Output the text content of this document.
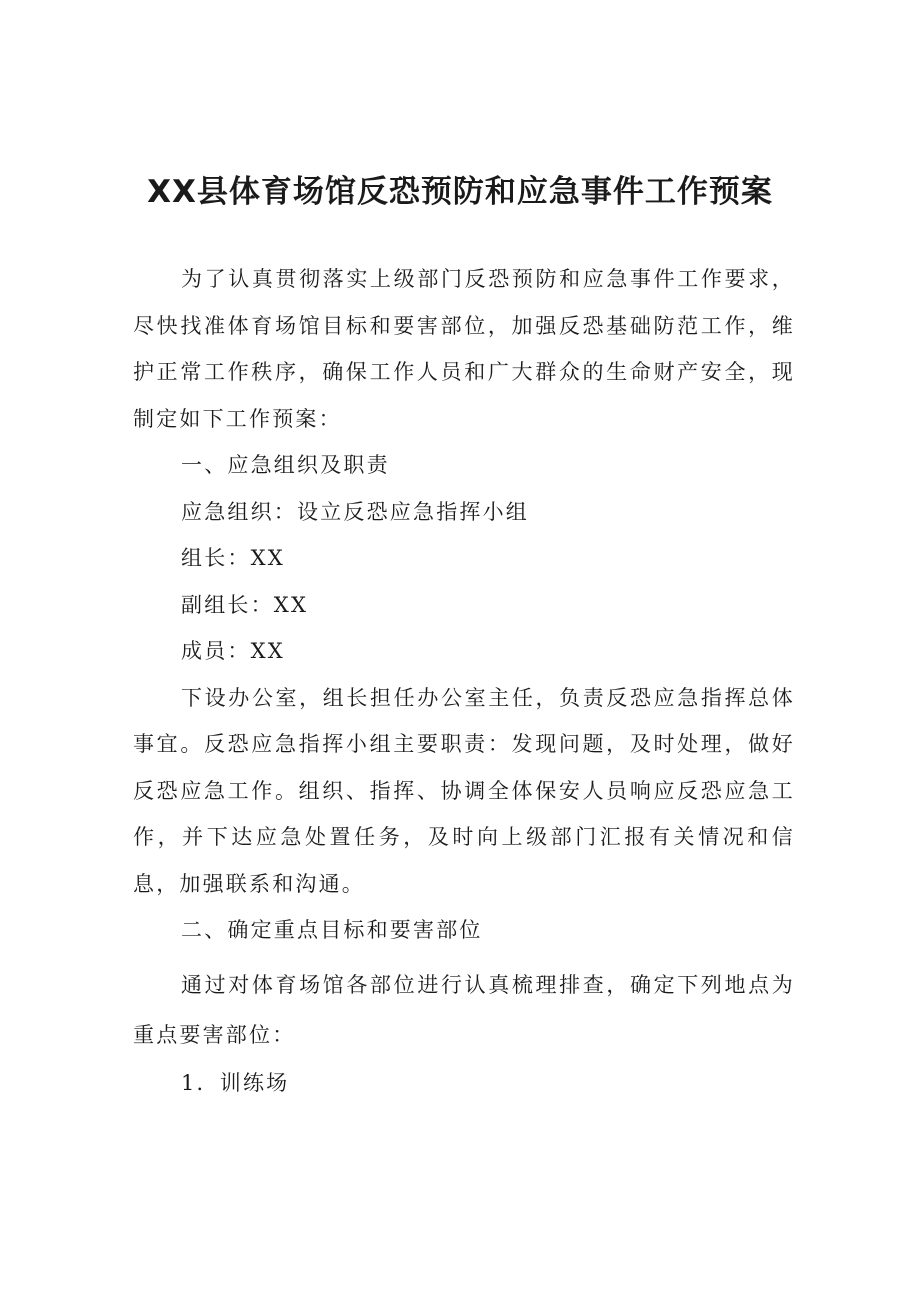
XX县体育场馆反恐预防和应急事件工作预案

为了认真贯彻落实上级部门反恐预防和应急事件工作要求，尽快找准体育场馆目标和要害部位，加强反恐基础防范工作，维护正常工作秩序，确保工作人员和广大群众的生命财产安全，现制定如下工作预案：

一、应急组织及职责

应急组织：设立反恐应急指挥小组

组长：XX

副组长：XX

成员：XX

下设办公室，组长担任办公室主任，负责反恐应急指挥总体事宜。反恐应急指挥小组主要职责：发现问题，及时处理，做好反恐应急工作。组织、指挥、协调全体保安人员响应反恐应急工作，并下达应急处置任务，及时向上级部门汇报有关情况和信息，加强联系和沟通。

二、确定重点目标和要害部位

通过对体育场馆各部位进行认真梳理排查，确定下列地点为重点要害部位：

1．训练场
